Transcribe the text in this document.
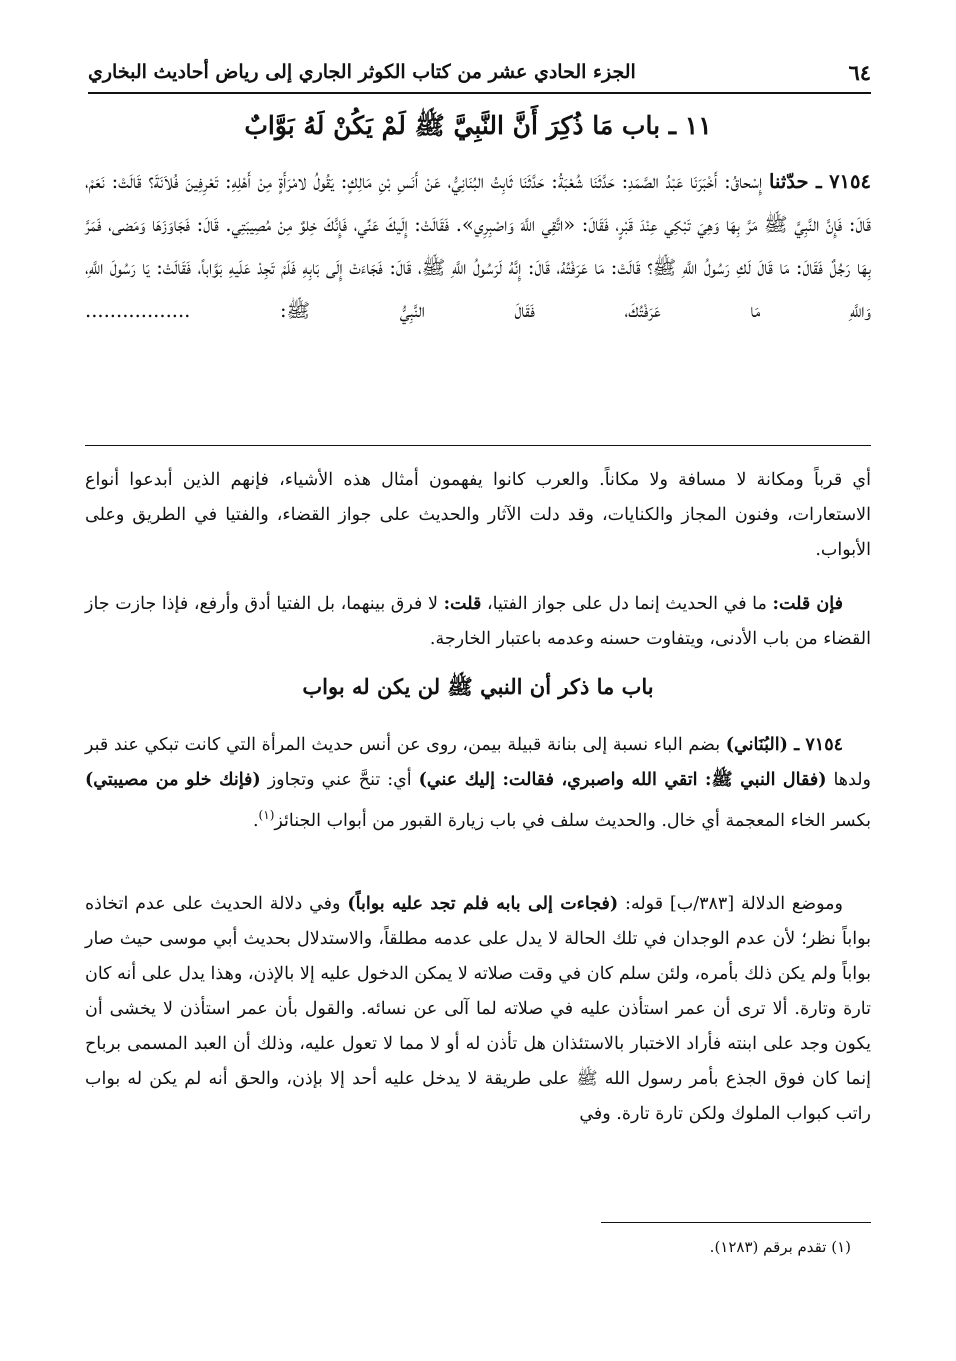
٦٤
الجزء الحادي عشر من كتاب الكوثر الجاري إلى رياض أحاديث البخاري
١١ ـ باب مَا ذُكِرَ أَنَّ النَّبِيَّ ﷺ لَمْ يَكُنْ لَهُ بَوَّابٌ

٧١٥٤ ـ حدّثنا إِسْحاقُ: أَخْبَرَنَا عَبْدُ الصَّمَدِ: حَدَّثَنَا شُعْبَةُ: حَدَّثَنَا ثَابِتُ البُنَانِيُّ، عَنْ أَنَسِ بْنِ مَالِكٍ: يَقُولُ لامْرَأَةٍ مِنْ أَهْلِهِ: تَعْرِفِينَ فُلاَنَةَ؟ قَالَتْ: نَعَمْ، قَالَ: فَإِنَّ النَّبِيَّ ﷺ مَرَّ بِهَا وَهِيَ تَبْكِي عِنْدَ قَبْرٍ، فَقَالَ: «اتَّقِي اللَّهَ وَاصْبِرِي». فَقَالَتْ: إِلَيكَ عَنِّي، فَإِنَّكَ خِلوٌ مِنْ مُصِيبَتِي. قَالَ: فَجَاوَزَهَا وَمَضى، فَمَرَّ بِهَا رَجُلٌ فَقَالَ: مَا قَالَ لَكِ رَسُولُ اللَّهِ ﷺ؟ قَالَتْ: مَا عَرَفْتُهُ، قَالَ: إِنَّهُ لَرَسُولُ اللَّهِ ﷺ، قَالَ: فَجَاءَتْ إِلَى بَابِهِ فَلَمْ تَجِدْ عَلَيهِ بَوَّاباً، فَقَالَتْ: يَا رَسُولَ اللَّهِ، وَاللَّهِ مَا عَرَفْتُكَ، فَقَالَ النَّبِيُّ ﷺ: .................

أي قرباً ومكانة لا مسافة ولا مكاناً. والعرب كانوا يفهمون أمثال هذه الأشياء، فإنهم الذين أبدعوا أنواع الاستعارات، وفنون المجاز والكنايات، وقد دلت الآثار والحديث على جواز القضاء، والفتيا في الطريق وعلى الأبواب.

فإن قلت: ما في الحديث إنما دل على جواز الفتيا، قلت: لا فرق بينهما، بل الفتيا أدق وأرفع، فإذا جازت جاز القضاء من باب الأدنى، ويتفاوت حسنه وعدمه باعتبار الخارجة.

باب ما ذكر أن النبي ﷺ لن يكن له بواب

٧١٥٤ ـ (البُنَاني) بضم الباء نسبة إلى بنانة قبيلة بيمن، روى عن أنس حديث المرأة التي كانت تبكي عند قبر ولدها (فقال النبي ﷺ: اتقي الله واصبري، فقالت: إليك عني) أي: تنحَّ عني وتجاوز (فإنك خلو من مصيبتي) بكسر الخاء المعجمة أي خال. والحديث سلف في باب زيارة القبور من أبواب الجنائز$^{(١)}$.

وموضع الدلالة [٣٨٣/ب] قوله: (فجاءت إلى بابه فلم تجد عليه بواباً) وفي دلالة الحديث على عدم اتخاذه بواباً نظر؛ لأن عدم الوجدان في تلك الحالة لا يدل على عدمه مطلقاً، والاستدلال بحديث أبي موسى حيث صار بواباً ولم يكن ذلك بأمره، ولئن سلم كان في وقت صلاته لا يمكن الدخول عليه إلا بالإذن، وهذا يدل على أنه كان تارة وتارة. ألا ترى أن عمر استأذن عليه في صلاته لما آلى عن نسائه. والقول بأن عمر استأذن لا يخشى أن يكون وجد على ابنته فأراد الاختبار بالاستئذان هل تأذن له أو لا مما لا تعول عليه، وذلك أن العبد المسمى برباح إنما كان فوق الجذع بأمر رسول الله ﷺ على طريقة لا يدخل عليه أحد إلا بإذن، والحق أنه لم يكن له بواب راتب كبواب الملوك ولكن تارة تارة. وفي

(١) تقدم برقم (١٢٨٣).
